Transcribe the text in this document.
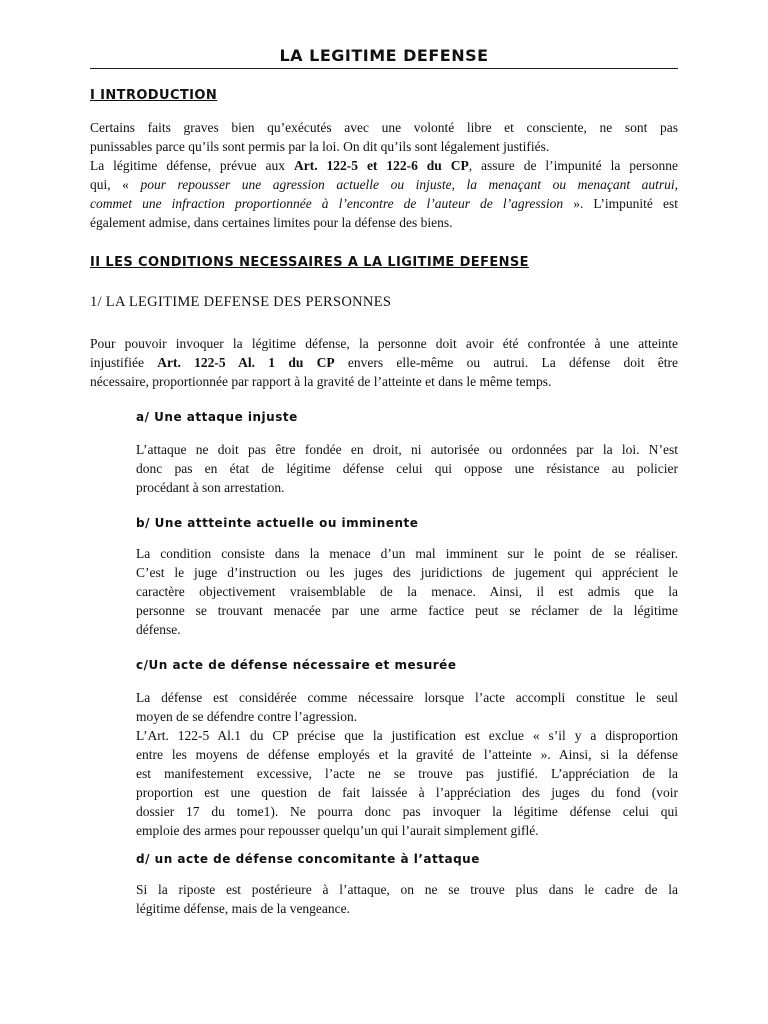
LA LEGITIME DEFENSE
I INTRODUCTION
Certains faits graves bien qu’exécutés avec une volonté libre et consciente, ne sont pas
punissables parce qu’ils sont permis par la loi. On dit qu’ils sont légalement justifiés.
La légitime défense, prévue aux Art. 122-5 et 122-6 du CP, assure de l’impunité la personne
qui, « pour repousser une agression actuelle ou injuste, la menaçant ou menaçant autrui,
commet une infraction proportionnée à l’encontre de l’auteur de l’agression ». L’impunité est
également admise, dans certaines limites pour la défense des biens.
II LES CONDITIONS NECESSAIRES A LA LIGITIME DEFENSE
1/ LA LEGITIME DEFENSE DES PERSONNES
Pour pouvoir invoquer la légitime défense, la personne doit avoir été confrontée à une atteinte
injustifiée Art. 122-5 Al. 1 du CP envers elle-même ou autrui. La défense doit être
nécessaire, proportionnée par rapport à la gravité de l’atteinte et dans le même temps.
a/ Une attaque injuste
L’attaque ne doit pas être fondée en droit, ni autorisée ou ordonnées par la loi. N’est
donc pas en état de légitime défense celui qui oppose une résistance au policier
procédant à son arrestation.
b/ Une attteinte actuelle ou imminente
La condition consiste dans la menace d’un mal imminent sur le point de se réaliser.
C’est le juge d’instruction ou les juges des juridictions de jugement qui apprécient le
caractère objectivement vraisemblable de la menace. Ainsi, il est admis que la
personne se trouvant menacée par une arme factice peut se réclamer de la légitime
défense.
c/Un acte de défense nécessaire et mesurée
La défense est considérée comme nécessaire lorsque l’acte accompli constitue le seul
moyen de se défendre contre l’agression.
L’Art. 122-5 Al.1 du CP précise que la justification est exclue « s’il y a disproportion
entre les moyens de défense employés et la gravité de l’atteinte ». Ainsi, si la défense
est manifestement excessive, l’acte ne se trouve pas justifié. L’appréciation de la
proportion est une question de fait laissée à l’appréciation des juges du fond (voir
dossier 17 du tome1). Ne pourra donc pas invoquer la légitime défense celui qui
emploie des armes pour repousser quelqu’un qui l’aurait simplement giflé.
d/ un acte de défense concomitante à l’attaque
Si la riposte est postérieure à l’attaque, on ne se trouve plus dans le cadre de la
légitime défense, mais de la vengeance.
